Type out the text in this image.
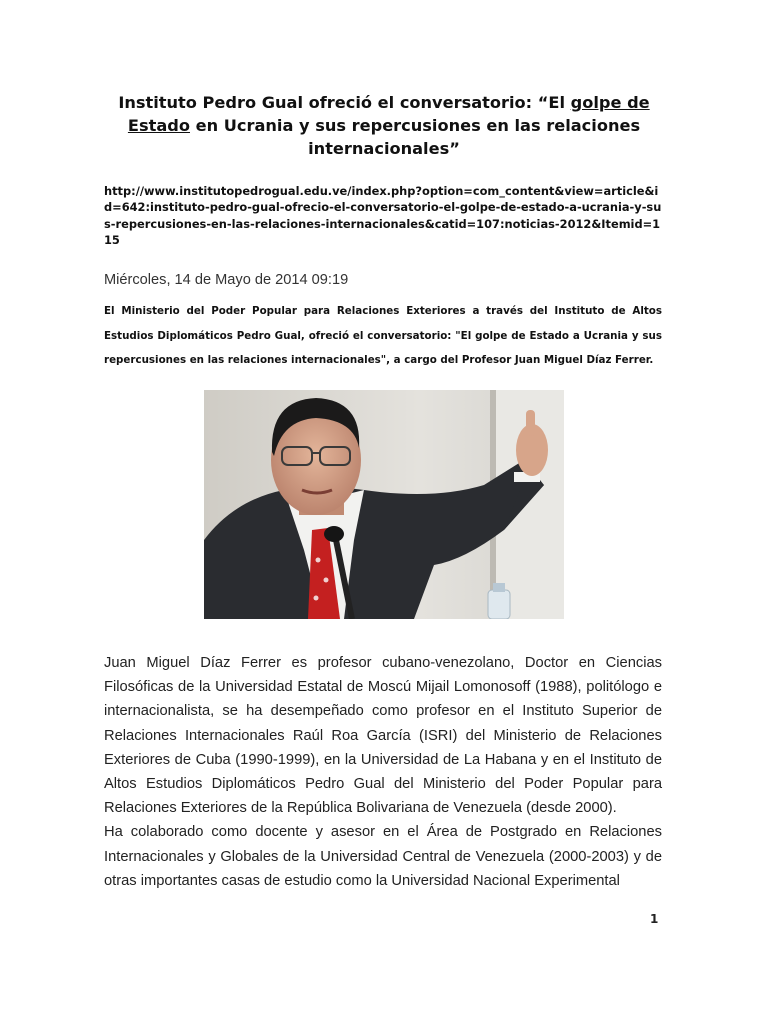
Instituto Pedro Gual ofreció el conversatorio: “El golpe de
Estado en Ucrania y sus repercusiones en las relaciones internacionales”
http://www.institutopedrogual.edu.ve/index.php?option=com_content&view=article&id=642:instituto-pedro-gual-ofrecio-el-conversatorio-el-golpe-de-estado-a-ucrania-y-sus-repercusiones-en-las-relaciones-internacionales&catid=107:noticias-2012&Itemid=115
Miércoles, 14 de Mayo de 2014 09:19
El Ministerio del Poder Popular para Relaciones Exteriores a través del Instituto de Altos Estudios Diplomáticos Pedro Gual, ofreció el conversatorio: "El golpe de Estado a Ucrania y sus repercusiones en las relaciones internacionales", a cargo del Profesor Juan Miguel Díaz Ferrer.

Juan Miguel Díaz Ferrer es profesor cubano-venezolano, Doctor en Ciencias Filosóficas de la Universidad Estatal de Moscú Mijail Lomonosoff (1988), politólogo e internacionalista, se ha desempeñado como profesor en el Instituto Superior de Relaciones Internacionales Raúl Roa García (ISRI) del Ministerio de Relaciones Exteriores de Cuba (1990-1999), en la Universidad de La Habana y en el Instituto de Altos Estudios Diplomáticos Pedro Gual del Ministerio del Poder Popular para Relaciones Exteriores de la República Bolivariana de Venezuela (desde 2000).

Ha colaborado como docente y asesor en el Área de Postgrado en Relaciones Internacionales y Globales de la Universidad Central de Venezuela (2000-2003) y de otras importantes casas de estudio como la Universidad Nacional Experimental

1
